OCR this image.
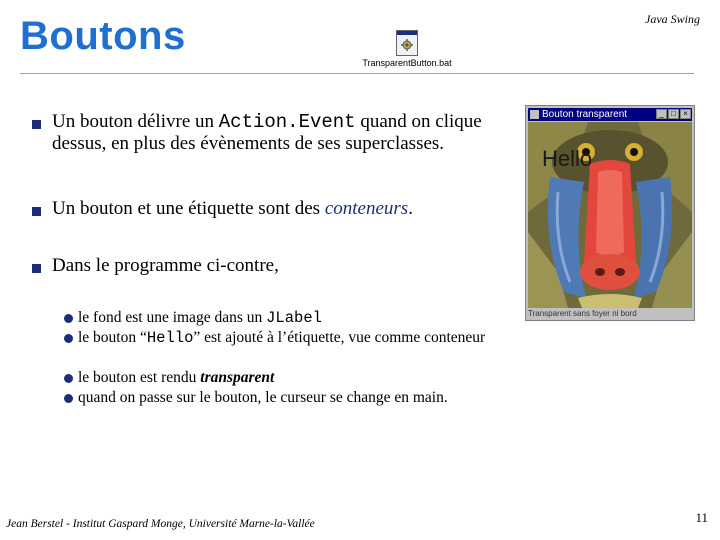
Boutons	Java Swing
TransparentButton.bat
Un bouton délivre un Action.Event quand on clique dessus, en plus des évènements de ses superclasses.
Un bouton et une étiquette sont des conteneurs.
Dans le programme ci-contre,
le fond est une image dans un JLabel
le bouton “Hello” est ajouté à l’étiquette, vue comme conteneur
le bouton est rendu transparent
quand on passe sur le bouton, le curseur se change en main.
Bouton transparent	_ □ ×
Hello
Transparent sans foyer ni bord
Jean Berstel - Institut Gaspard Monge, Université Marne-la-Vallée	11
